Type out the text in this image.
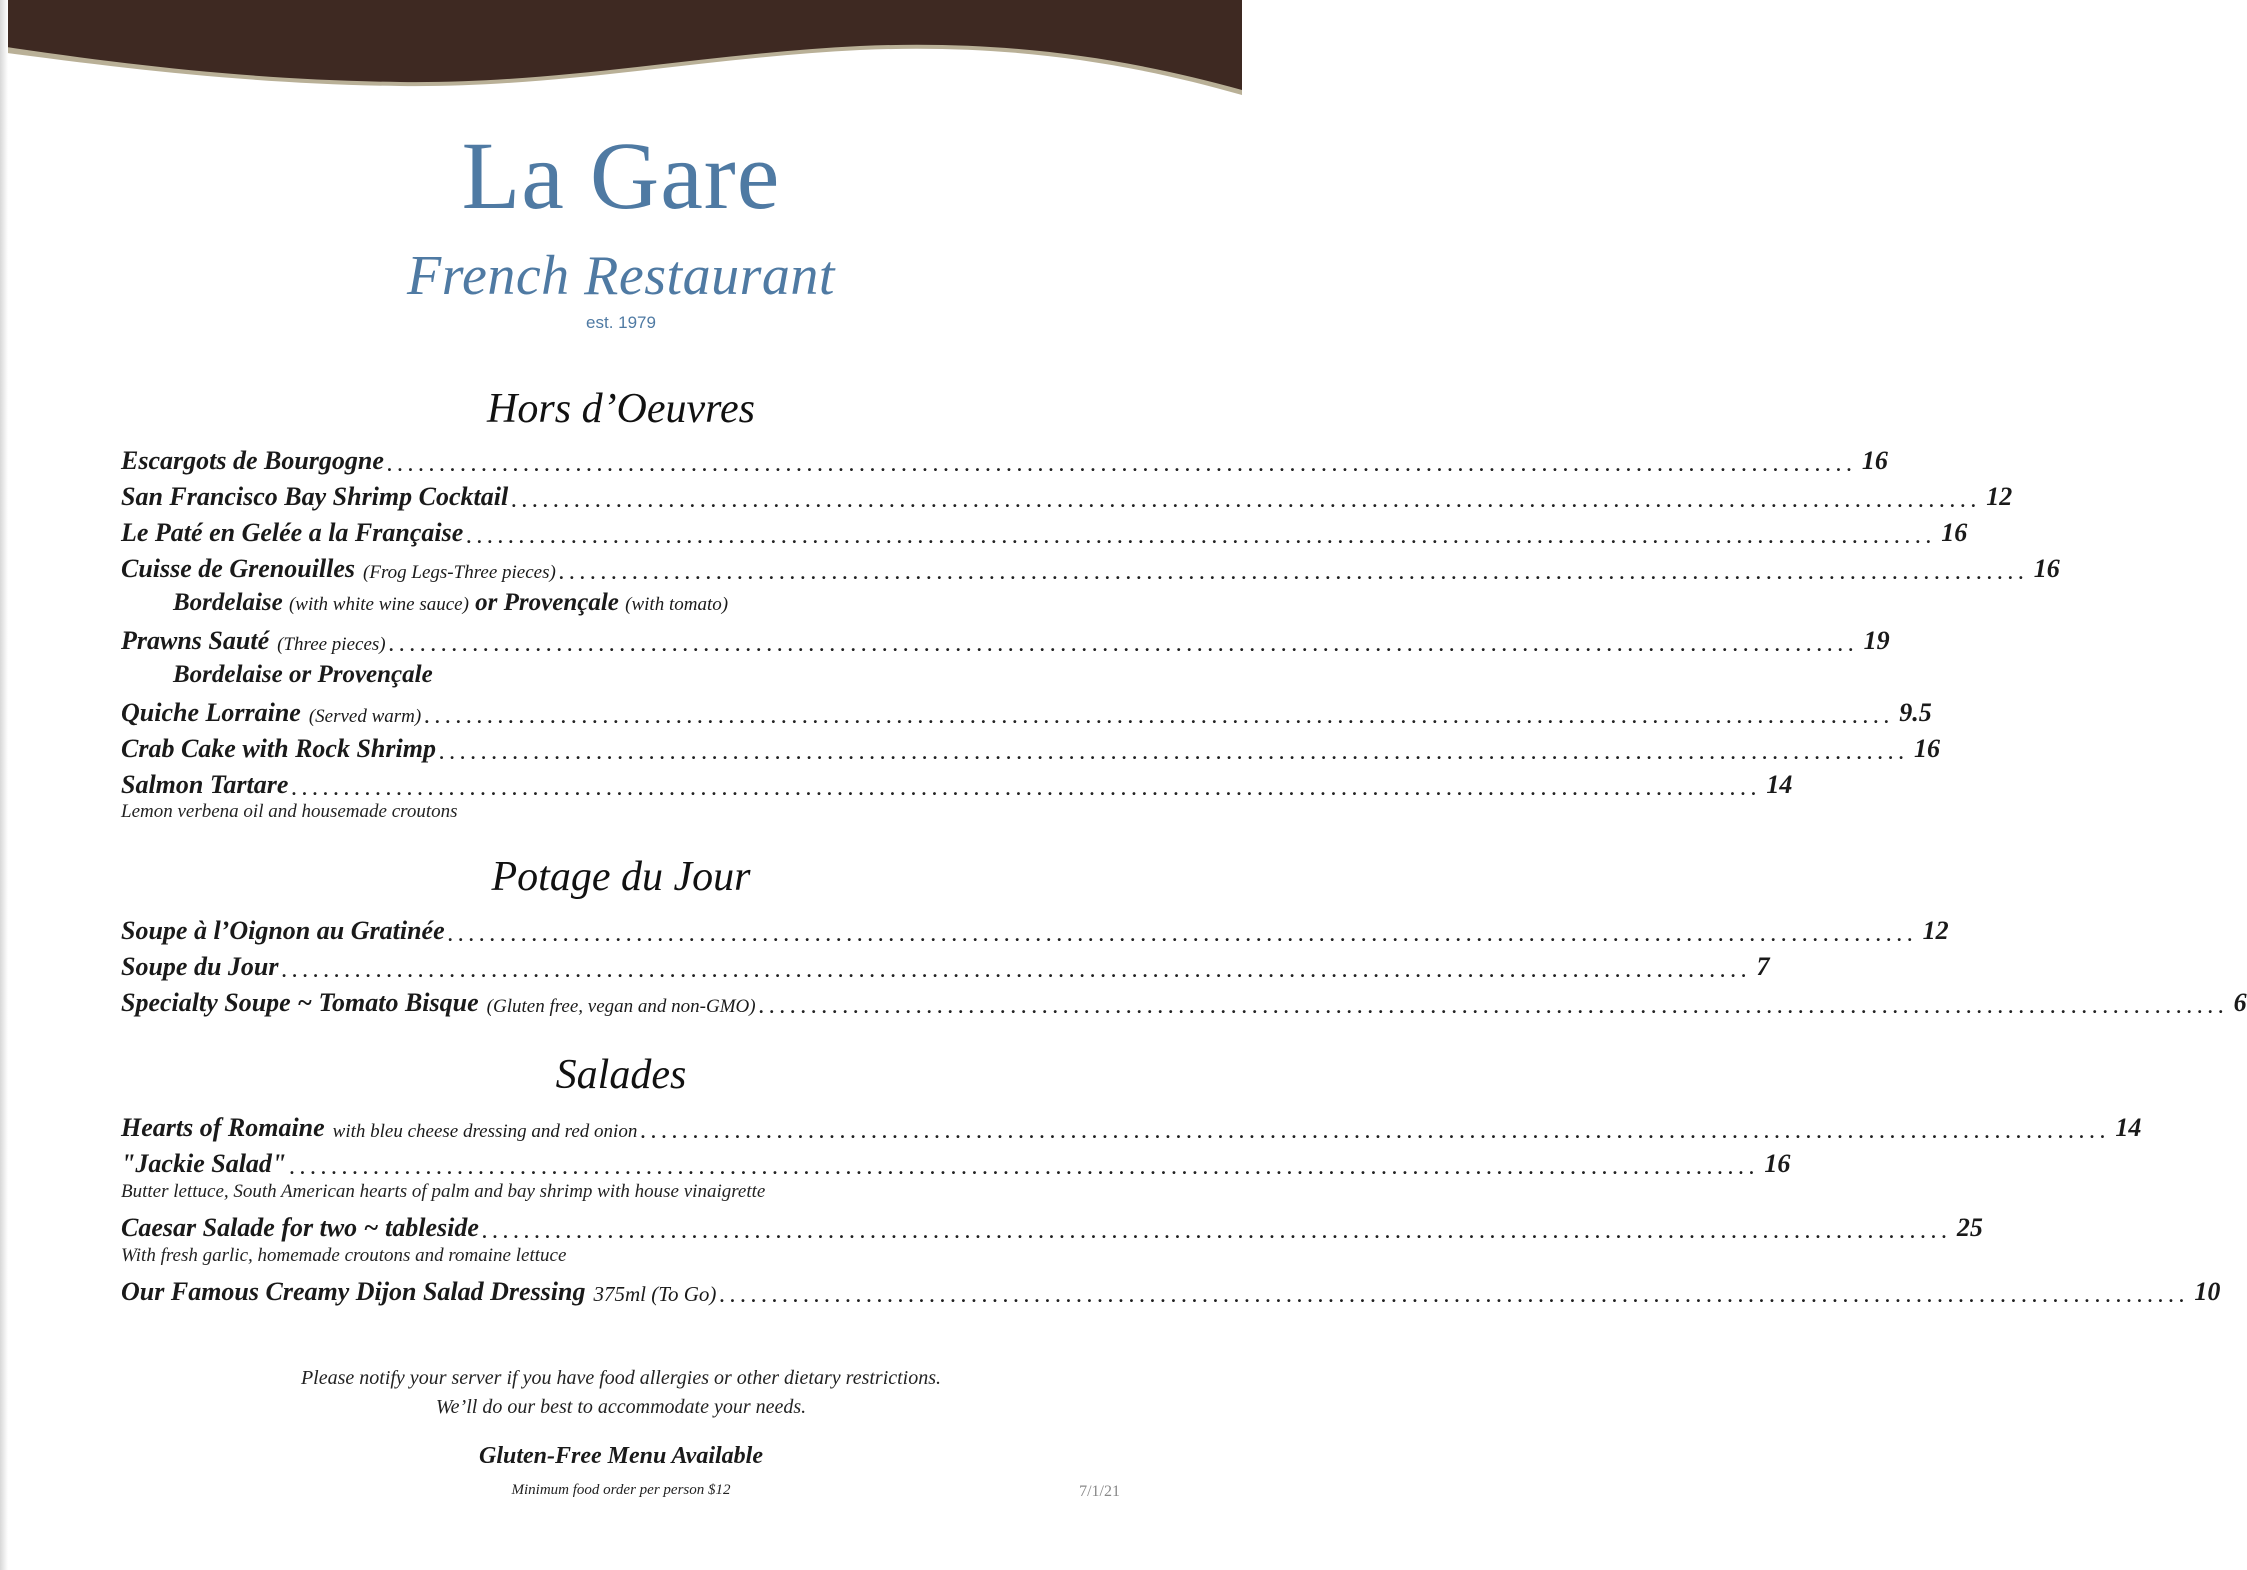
La Gare
French Restaurant
est. 1979
Hors d’Oeuvres
Escargots de Bourgogne ............................................................................................................................................ 16
San Francisco Bay Shrimp Cocktail ............................................................................................................................................ 12
Le Paté en Gelée a la Française ............................................................................................................................................ 16
Cuisse de Grenouilles (Frog Legs-Three pieces) ............................................................................................................................................ 16
Bordelaise (with white wine sauce) or Provençale (with tomato)
Prawns Sauté (Three pieces) ............................................................................................................................................ 19
Bordelaise or Provençale
Quiche Lorraine (Served warm) ............................................................................................................................................ 9.5
Crab Cake with Rock Shrimp ............................................................................................................................................ 16
Salmon Tartare ............................................................................................................................................ 14
Lemon verbena oil and housemade croutons
Potage du Jour
Soupe à l’Oignon au Gratinée ............................................................................................................................................ 12
Soupe du Jour ............................................................................................................................................ 7
Specialty Soupe ~ Tomato Bisque (Gluten free, vegan and non-GMO) ............................................................................................................................................ 6
Salades
Hearts of Romaine with bleu cheese dressing and red onion ............................................................................................................................................ 14
"Jackie Salad" ............................................................................................................................................ 16
Butter lettuce, South American hearts of palm and bay shrimp with house vinaigrette
Caesar Salade for two ~ tableside ............................................................................................................................................ 25
With fresh garlic, homemade croutons and romaine lettuce
Our Famous Creamy Dijon Salad Dressing 375ml (To Go) ............................................................................................................................................ 10
Please notify your server if you have food allergies or other dietary restrictions.
We’ll do our best to accommodate your needs.
Gluten-Free Menu Available
Minimum food order per person $12	7/1/21
